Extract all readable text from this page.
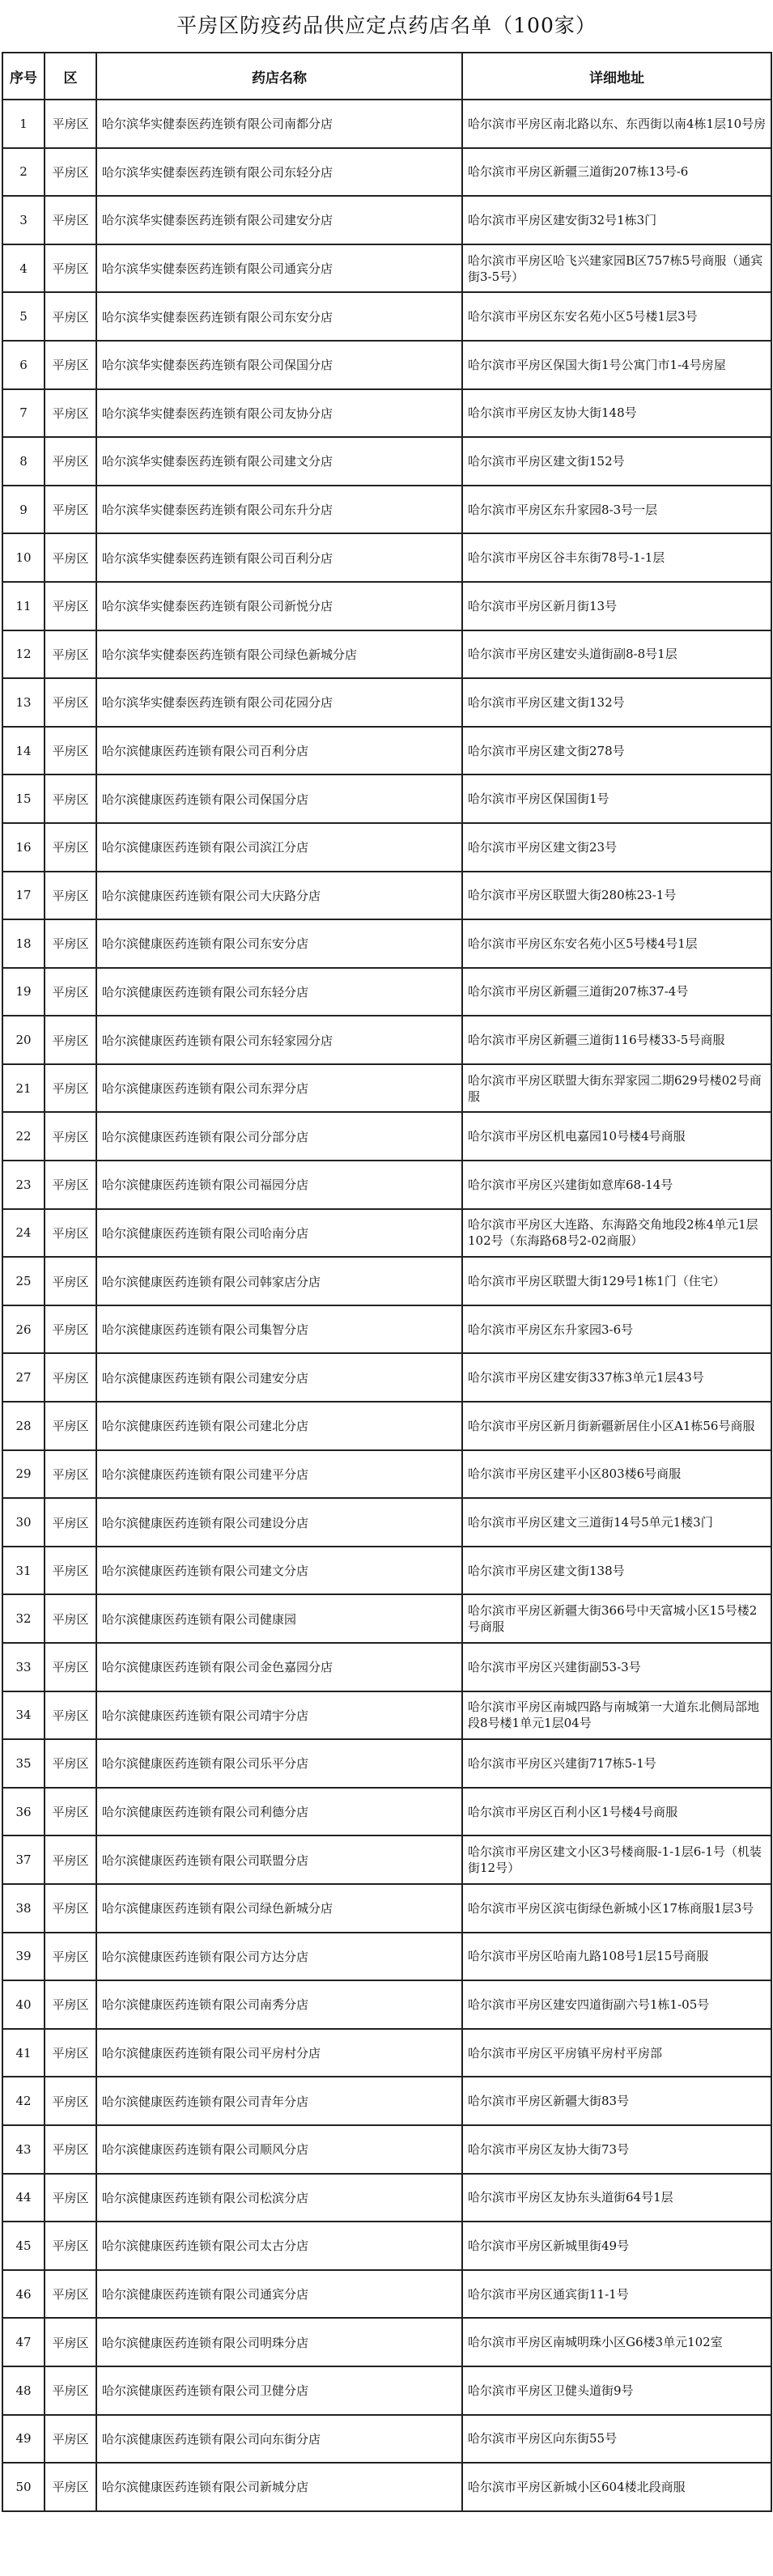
平房区防疫药品供应定点药店名单（100家）
序号	区	药店名称	详细地址
1	平房区	哈尔滨华实健泰医药连锁有限公司南都分店	哈尔滨市平房区南北路以东、东西街以南4栋1层10号房
2	平房区	哈尔滨华实健泰医药连锁有限公司东轻分店	哈尔滨市平房区新疆三道街207栋13号-6
3	平房区	哈尔滨华实健泰医药连锁有限公司建安分店	哈尔滨市平房区建安街32号1栋3门
4	平房区	哈尔滨华实健泰医药连锁有限公司通宾分店	哈尔滨市平房区哈飞兴建家园B区757栋5号商服（通宾街3-5号）
5	平房区	哈尔滨华实健泰医药连锁有限公司东安分店	哈尔滨市平房区东安名苑小区5号楼1层3号
6	平房区	哈尔滨华实健泰医药连锁有限公司保国分店	哈尔滨市平房区保国大街1号公寓门市1-4号房屋
7	平房区	哈尔滨华实健泰医药连锁有限公司友协分店	哈尔滨市平房区友协大街148号
8	平房区	哈尔滨华实健泰医药连锁有限公司建文分店	哈尔滨市平房区建文街152号
9	平房区	哈尔滨华实健泰医药连锁有限公司东升分店	哈尔滨市平房区东升家园8-3号一层
10	平房区	哈尔滨华实健泰医药连锁有限公司百利分店	哈尔滨市平房区谷丰东街78号-1-1层
11	平房区	哈尔滨华实健泰医药连锁有限公司新悦分店	哈尔滨市平房区新月街13号
12	平房区	哈尔滨华实健泰医药连锁有限公司绿色新城分店	哈尔滨市平房区建安头道街副8-8号1层
13	平房区	哈尔滨华实健泰医药连锁有限公司花园分店	哈尔滨市平房区建文街132号
14	平房区	哈尔滨健康医药连锁有限公司百利分店	哈尔滨市平房区建文街278号
15	平房区	哈尔滨健康医药连锁有限公司保国分店	哈尔滨市平房区保国街1号
16	平房区	哈尔滨健康医药连锁有限公司滨江分店	哈尔滨市平房区建文街23号
17	平房区	哈尔滨健康医药连锁有限公司大庆路分店	哈尔滨市平房区联盟大街280栋23-1号
18	平房区	哈尔滨健康医药连锁有限公司东安分店	哈尔滨市平房区东安名苑小区5号楼4号1层
19	平房区	哈尔滨健康医药连锁有限公司东轻分店	哈尔滨市平房区新疆三道街207栋37-4号
20	平房区	哈尔滨健康医药连锁有限公司东轻家园分店	哈尔滨市平房区新疆三道街116号楼33-5号商服
21	平房区	哈尔滨健康医药连锁有限公司东羿分店	哈尔滨市平房区联盟大街东羿家园二期629号楼02号商服
22	平房区	哈尔滨健康医药连锁有限公司分部分店	哈尔滨市平房区机电嘉园10号楼4号商服
23	平房区	哈尔滨健康医药连锁有限公司福园分店	哈尔滨市平房区兴建街如意库68-14号
24	平房区	哈尔滨健康医药连锁有限公司哈南分店	哈尔滨市平房区大连路、东海路交角地段2栋4单元1层102号（东海路68号2-02商服）
25	平房区	哈尔滨健康医药连锁有限公司韩家店分店	哈尔滨市平房区联盟大街129号1栋1门（住宅）
26	平房区	哈尔滨健康医药连锁有限公司集智分店	哈尔滨市平房区东升家园3-6号
27	平房区	哈尔滨健康医药连锁有限公司建安分店	哈尔滨市平房区建安街337栋3单元1层43号
28	平房区	哈尔滨健康医药连锁有限公司建北分店	哈尔滨市平房区新月街新疆新居住小区A1栋56号商服
29	平房区	哈尔滨健康医药连锁有限公司建平分店	哈尔滨市平房区建平小区803楼6号商服
30	平房区	哈尔滨健康医药连锁有限公司建设分店	哈尔滨市平房区建文三道街14号5单元1楼3门
31	平房区	哈尔滨健康医药连锁有限公司建文分店	哈尔滨市平房区建文街138号
32	平房区	哈尔滨健康医药连锁有限公司健康园	哈尔滨市平房区新疆大街366号中天富城小区15号楼2号商服
33	平房区	哈尔滨健康医药连锁有限公司金色嘉园分店	哈尔滨市平房区兴建街副53-3号
34	平房区	哈尔滨健康医药连锁有限公司靖宇分店	哈尔滨市平房区南城四路与南城第一大道东北侧局部地段8号楼1单元1层04号
35	平房区	哈尔滨健康医药连锁有限公司乐平分店	哈尔滨市平房区兴建街717栋5-1号
36	平房区	哈尔滨健康医药连锁有限公司利德分店	哈尔滨市平房区百利小区1号楼4号商服
37	平房区	哈尔滨健康医药连锁有限公司联盟分店	哈尔滨市平房区建文小区3号楼商服-1-1层6-1号（机装街12号）
38	平房区	哈尔滨健康医药连锁有限公司绿色新城分店	哈尔滨市平房区滨屯街绿色新城小区17栋商服1层3号
39	平房区	哈尔滨健康医药连锁有限公司方达分店	哈尔滨市平房区哈南九路108号1层15号商服
40	平房区	哈尔滨健康医药连锁有限公司南秀分店	哈尔滨市平房区建安四道街副六号1栋1-05号
41	平房区	哈尔滨健康医药连锁有限公司平房村分店	哈尔滨市平房区平房镇平房村平房部
42	平房区	哈尔滨健康医药连锁有限公司青年分店	哈尔滨市平房区新疆大街83号
43	平房区	哈尔滨健康医药连锁有限公司顺风分店	哈尔滨市平房区友协大街73号
44	平房区	哈尔滨健康医药连锁有限公司松滨分店	哈尔滨市平房区友协东头道街64号1层
45	平房区	哈尔滨健康医药连锁有限公司太古分店	哈尔滨市平房区新城里街49号
46	平房区	哈尔滨健康医药连锁有限公司通宾分店	哈尔滨市平房区通宾街11-1号
47	平房区	哈尔滨健康医药连锁有限公司明珠分店	哈尔滨市平房区南城明珠小区G6楼3单元102室
48	平房区	哈尔滨健康医药连锁有限公司卫健分店	哈尔滨市平房区卫健头道街9号
49	平房区	哈尔滨健康医药连锁有限公司向东街分店	哈尔滨市平房区向东街55号
50	平房区	哈尔滨健康医药连锁有限公司新城分店	哈尔滨市平房区新城小区604楼北段商服
